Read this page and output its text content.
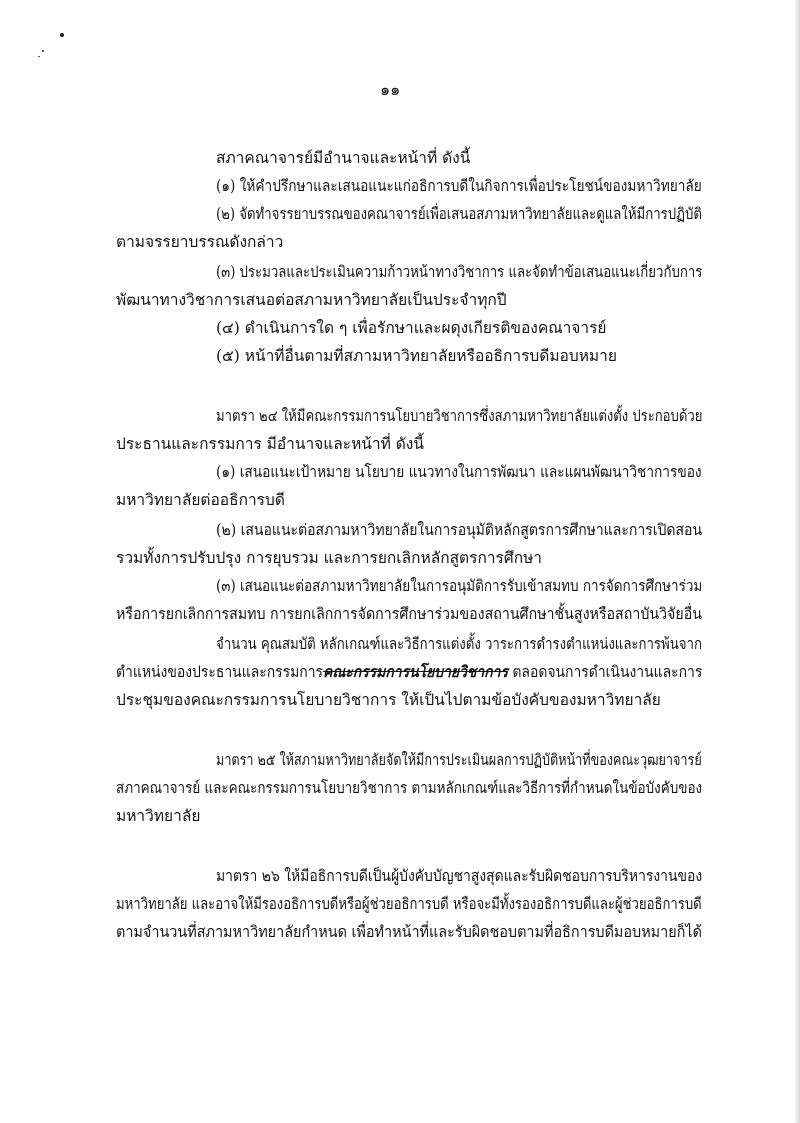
๑๑
สภาคณาจารย์มีอำนาจและหน้าที่ ดังนี้
(๑) ให้คำปรึกษาและเสนอแนะแก่อธิการบดีในกิจการเพื่อประโยชน์ของมหาวิทยาลัย
(๒) จัดทำจรรยาบรรณของคณาจารย์เพื่อเสนอสภามหาวิทยาลัยและดูแลให้มีการปฏิบัติ
ตามจรรยาบรรณดังกล่าว
(๓) ประมวลและประเมินความก้าวหน้าทางวิชาการ และจัดทำข้อเสนอแนะเกี่ยวกับการ
พัฒนาทางวิชาการเสนอต่อสภามหาวิทยาลัยเป็นประจำทุกปี
(๔) ดำเนินการใด ๆ เพื่อรักษาและผดุงเกียรติของคณาจารย์
(๕) หน้าที่อื่นตามที่สภามหาวิทยาลัยหรืออธิการบดีมอบหมาย
มาตรา ๒๔ ให้มีคณะกรรมการนโยบายวิชาการซึ่งสภามหาวิทยาลัยแต่งตั้ง ประกอบด้วย
ประธานและกรรมการ มีอำนาจและหน้าที่ ดังนี้
(๑) เสนอแนะเป้าหมาย นโยบาย แนวทางในการพัฒนา และแผนพัฒนาวิชาการของ
มหาวิทยาลัยต่ออธิการบดี
(๒) เสนอแนะต่อสภามหาวิทยาลัยในการอนุมัติหลักสูตรการศึกษาและการเปิดสอน
รวมทั้งการปรับปรุง การยุบรวม และการยกเลิกหลักสูตรการศึกษา
(๓) เสนอแนะต่อสภามหาวิทยาลัยในการอนุมัติการรับเข้าสมทบ การจัดการศึกษาร่วม
หรือการยกเลิกการสมทบ การยกเลิกการจัดการศึกษาร่วมของสถานศึกษาชั้นสูงหรือสถาบันวิจัยอื่น
จำนวน คุณสมบัติ หลักเกณฑ์และวิธีการแต่งตั้ง วาระการดำรงตำแหน่งและการพ้นจาก
ตำแหน่งของประธานและกรรมการคณะกรรมการนโยบายวิชาการ ตลอดจนการดำเนินงานและการ
ประชุมของคณะกรรมการนโยบายวิชาการ ให้เป็นไปตามข้อบังคับของมหาวิทยาลัย
มาตรา ๒๕ ให้สภามหาวิทยาลัยจัดให้มีการประเมินผลการปฏิบัติหน้าที่ของคณะวุฒยาจารย์
สภาคณาจารย์ และคณะกรรมการนโยบายวิชาการ ตามหลักเกณฑ์และวิธีการที่กำหนดในข้อบังคับของ
มหาวิทยาลัย
มาตรา ๒๖ ให้มีอธิการบดีเป็นผู้บังคับบัญชาสูงสุดและรับผิดชอบการบริหารงานของ
มหาวิทยาลัย และอาจให้มีรองอธิการบดีหรือผู้ช่วยอธิการบดี หรือจะมีทั้งรองอธิการบดีและผู้ช่วยอธิการบดี
ตามจำนวนที่สภามหาวิทยาลัยกำหนด เพื่อทำหน้าที่และรับผิดชอบตามที่อธิการบดีมอบหมายก็ได้
